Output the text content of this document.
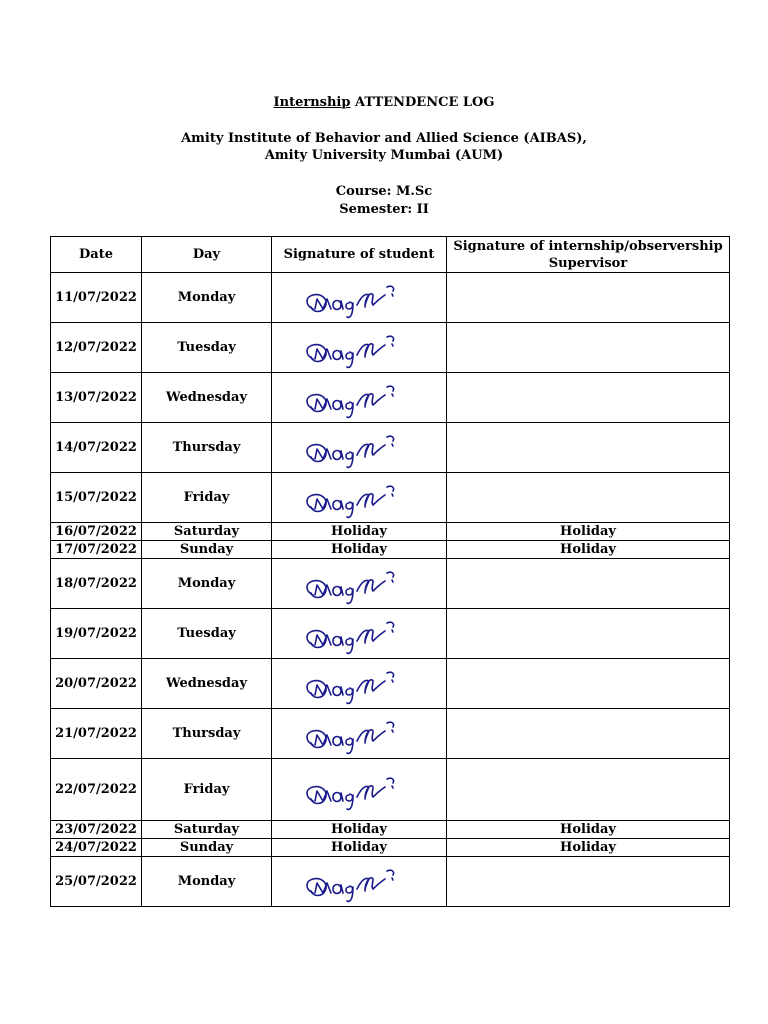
Internship ATTENDENCE LOG
Amity Institute of Behavior and Allied Science (AIBAS),
Amity University Mumbai (AUM)
Course: M.Sc
Semester: II
Date	Day	Signature of student	Signature of internship/observership Supervisor
11/07/2022	Monday	

12/07/2022	Tuesday	

13/07/2022	Wednesday	

14/07/2022	Thursday	

15/07/2022	Friday	

16/07/2022	Saturday	Holiday	Holiday
17/07/2022	Sunday	Holiday	Holiday
18/07/2022	Monday	

19/07/2022	Tuesday	

20/07/2022	Wednesday	

21/07/2022	Thursday	

22/07/2022	Friday	

23/07/2022	Saturday	Holiday	Holiday
24/07/2022	Sunday	Holiday	Holiday
25/07/2022	Monday	
